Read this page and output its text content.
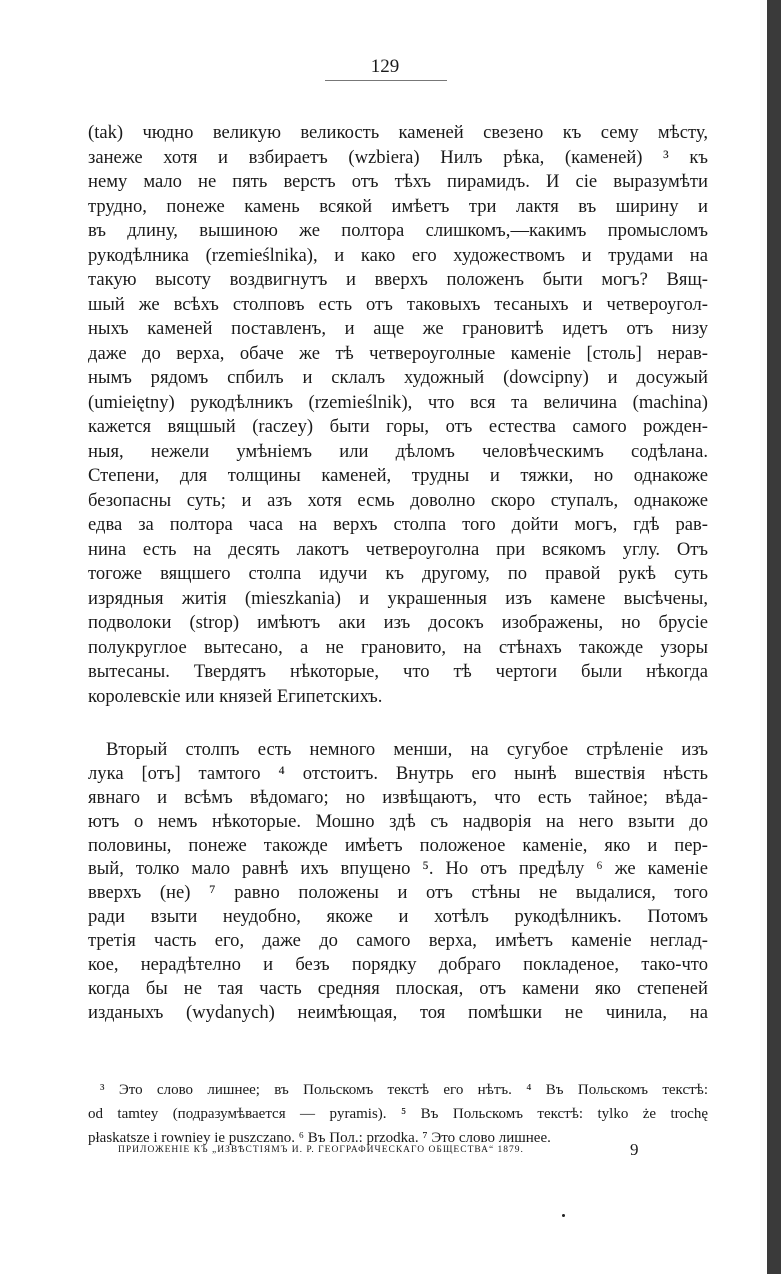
129
(tak) чюдно великую великость каменей свезено къ сему мѣсту,
занеже хотя и взбираетъ (wzbiera) Нилъ рѣка, (каменей) ³ къ
нему мало не пять верстъ отъ тѣхъ пирамидъ. И сіе выразумѣти
трудно, понеже камень всякой имѣетъ три лактя въ ширину и
въ длину, вышиною же полтора слишкомъ,—какимъ промысломъ
рукодѣлника (rzemieślnika), и како его художествомъ и трудами на
такую высоту воздвигнутъ и вверхъ положенъ быти могъ? Вящ-
шый же всѣхъ столповъ есть отъ таковыхъ тесаныхъ и четвероугол-
ныхъ каменей поставленъ, и аще же грановитѣ идетъ отъ низу
даже до верха, обаче же тѣ четвероуголные каменіе [столь] нерав-
нымъ рядомъ спбилъ и склалъ художный (dowcipny) и досужый
(umieiętny) рукодѣлникъ (rzemieślnik), что вся та величина (machina)
кажется вящшый (raczey) быти горы, отъ естества самого рожден-
ныя, нежели умѣніемъ или дѣломъ человѣческимъ содѣлана.
Степени, для толщины каменей, трудны и тяжки, но однакоже
безопасны суть; и азъ хотя есмь доволно скоро ступалъ, однакоже
едва за полтора часа на верхъ столпа того дойти могъ, гдѣ рав-
нина есть на десять лакотъ четвероуголна при всякомъ углу. Отъ
тогоже вящшего столпа идучи къ другому, по правой рукѣ суть
изрядныя житія (mieszkania) и украшенныя изъ камене высѣчены,
подволоки (strop) имѣютъ аки изъ досокъ изображены, но брусіе
полукруглое вытесано, а не грановито, на стѣнахъ такожде узоры
вытесаны. Твердятъ нѣкоторые, что тѣ чертоги были нѣкогда
королевскіе или князей Египетскихъ.
Вторый столпъ есть немного менши, на сугубое стрѣленіе изъ
лука [отъ] тамтого ⁴ отстоитъ. Внутрь его нынѣ вшествія нѣсть
явнаго и всѣмъ вѣдомаго; но извѣщаютъ, что есть тайное; вѣда-
ютъ о немъ нѣкоторые. Мошно здѣ съ надворія на него взыти до
половины, понеже такожде имѣетъ положеное каменіе, яко и пер-
вый, толко мало равнѣ ихъ впущено ⁵. Но отъ предѣлу ⁶ же каменіе
вверхъ (не) ⁷ равно положены и отъ стѣны не выдалися, того
ради взыти неудобно, якоже и хотѣлъ рукодѣлникъ. Потомъ
третія часть его, даже до самого верха, имѣетъ каменіе неглад-
кое, нерадѣтелно и безъ порядку добраго покладеное, тако-что
когда бы не тая часть средняя плоская, отъ камени яко степеней
изданыхъ (wydanych) неимѣющая, тоя помѣшки не чинила, на
³ Это слово лишнее; въ Польскомъ текстѣ его нѣтъ. ⁴ Въ Польскомъ текстѣ:
od tamtey (подразумѣвается — pyramis). ⁵ Въ Польскомъ текстѣ: tylko że trochę
płaskatsze i rowniey ie puszczano. ⁶ Въ Пол.: przodka. ⁷ Это слово лишнее.
ПРИЛОЖЕНІЕ КЪ „ИЗВѢСТІЯМЪ И. Р. ГЕОГРАФИЧЕСКАГО ОБЩЕСТВА“ 1879.	9
